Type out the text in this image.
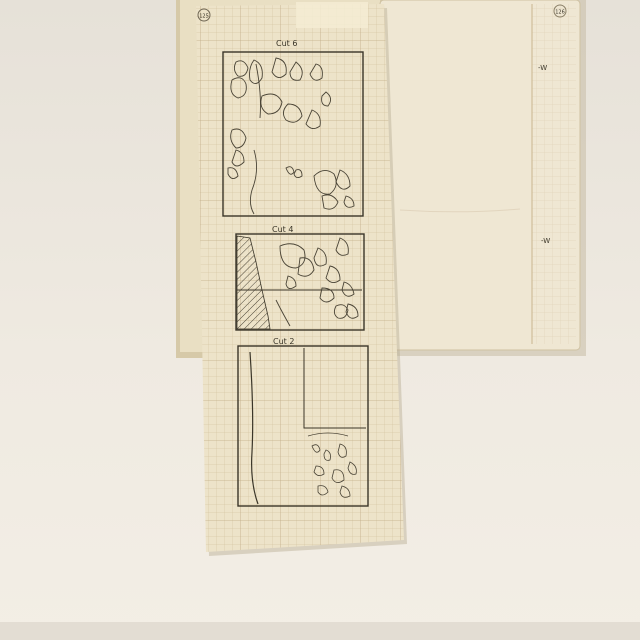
126
-W
-W
125
Cut 6
Cut 4
Cut 2
